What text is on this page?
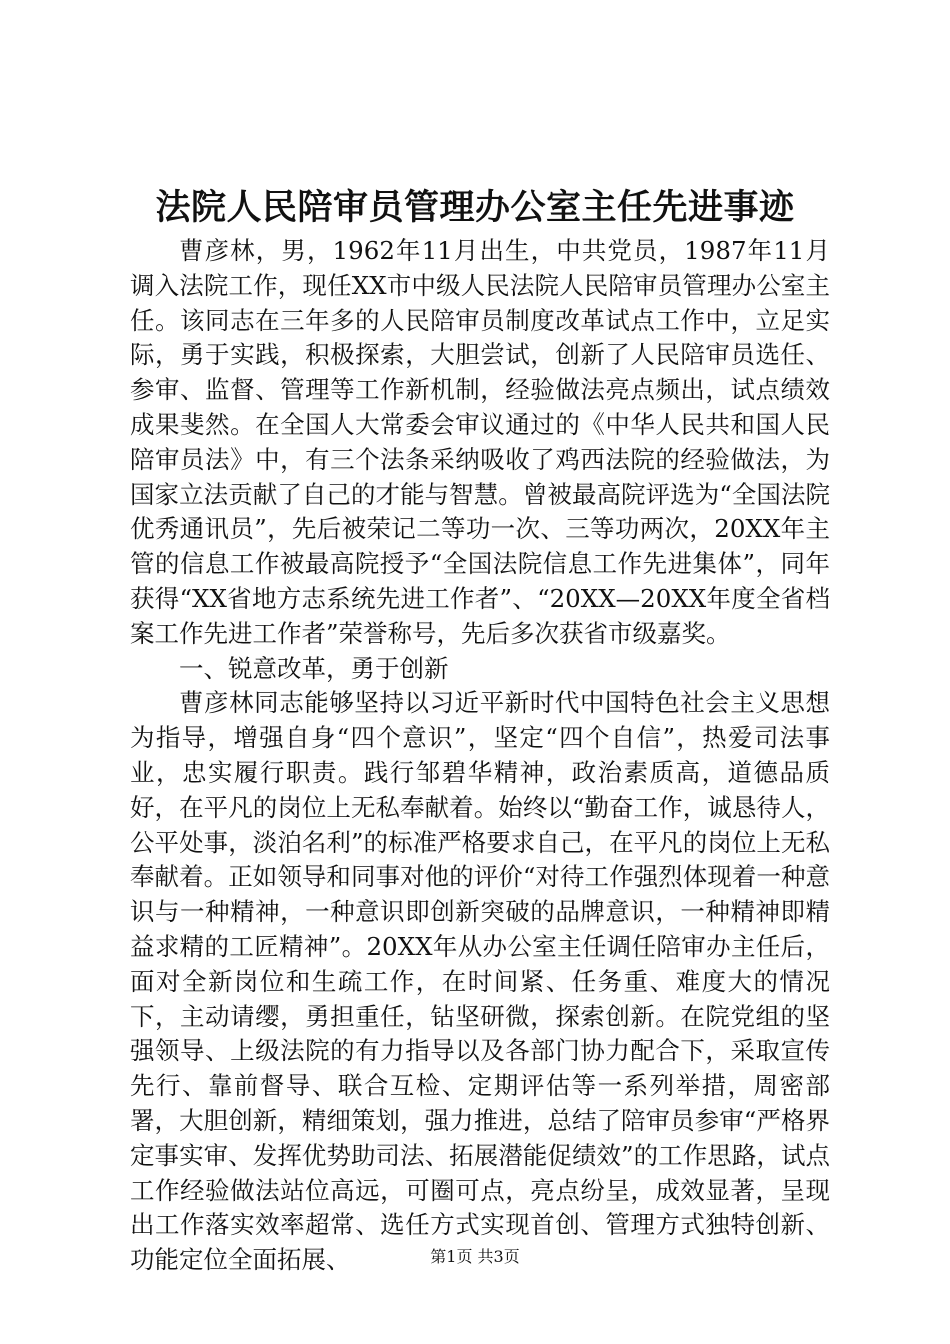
法院人民陪审员管理办公室主任先进事迹

曹彦林，男，1962年11月出生，中共党员，1987年11月调入法院工作，现任XX市中级人民法院人民陪审员管理办公室主任。该同志在三年多的人民陪审员制度改革试点工作中，立足实际，勇于实践，积极探索，大胆尝试，创新了人民陪审员选任、参审、监督、管理等工作新机制，经验做法亮点频出，试点绩效成果斐然。在全国人大常委会审议通过的《中华人民共和国人民陪审员法》中，有三个法条采纳吸收了鸡西法院的经验做法，为国家立法贡献了自己的才能与智慧。曾被最高院评选为“全国法院优秀通讯员”，先后被荣记二等功一次、三等功两次，20XX年主管的信息工作被最高院授予“全国法院信息工作先进集体”，同年获得“XX省地方志系统先进工作者”、“20XX—20XX年度全省档案工作先进工作者”荣誉称号，先后多次获省市级嘉奖。

一、锐意改革，勇于创新

曹彦林同志能够坚持以习近平新时代中国特色社会主义思想为指导，增强自身“四个意识”，坚定“四个自信”，热爱司法事业，忠实履行职责。践行邹碧华精神，政治素质高，道德品质好，在平凡的岗位上无私奉献着。始终以“勤奋工作，诚恳待人，公平处事，淡泊名利”的标准严格要求自己，在平凡的岗位上无私奉献着。正如领导和同事对他的评价“对待工作强烈体现着一种意识与一种精神，一种意识即创新突破的品牌意识，一种精神即精益求精的工匠精神”。20XX年从办公室主任调任陪审办主任后，面对全新岗位和生疏工作，在时间紧、任务重、难度大的情况下，主动请缨，勇担重任，钻坚研微，探索创新。在院党组的坚强领导、上级法院的有力指导以及各部门协力配合下，采取宣传先行、靠前督导、联合互检、定期评估等一系列举措，周密部署，大胆创新，精细策划，强力推进，总结了陪审员参审“严格界定事实审、发挥优势助司法、拓展潜能促绩效”的工作思路，试点工作经验做法站位高远，可圈可点，亮点纷呈，成效显著，呈现出工作落实效率超常、选任方式实现首创、管理方式独特创新、功能定位全面拓展、	第1页 共3页
